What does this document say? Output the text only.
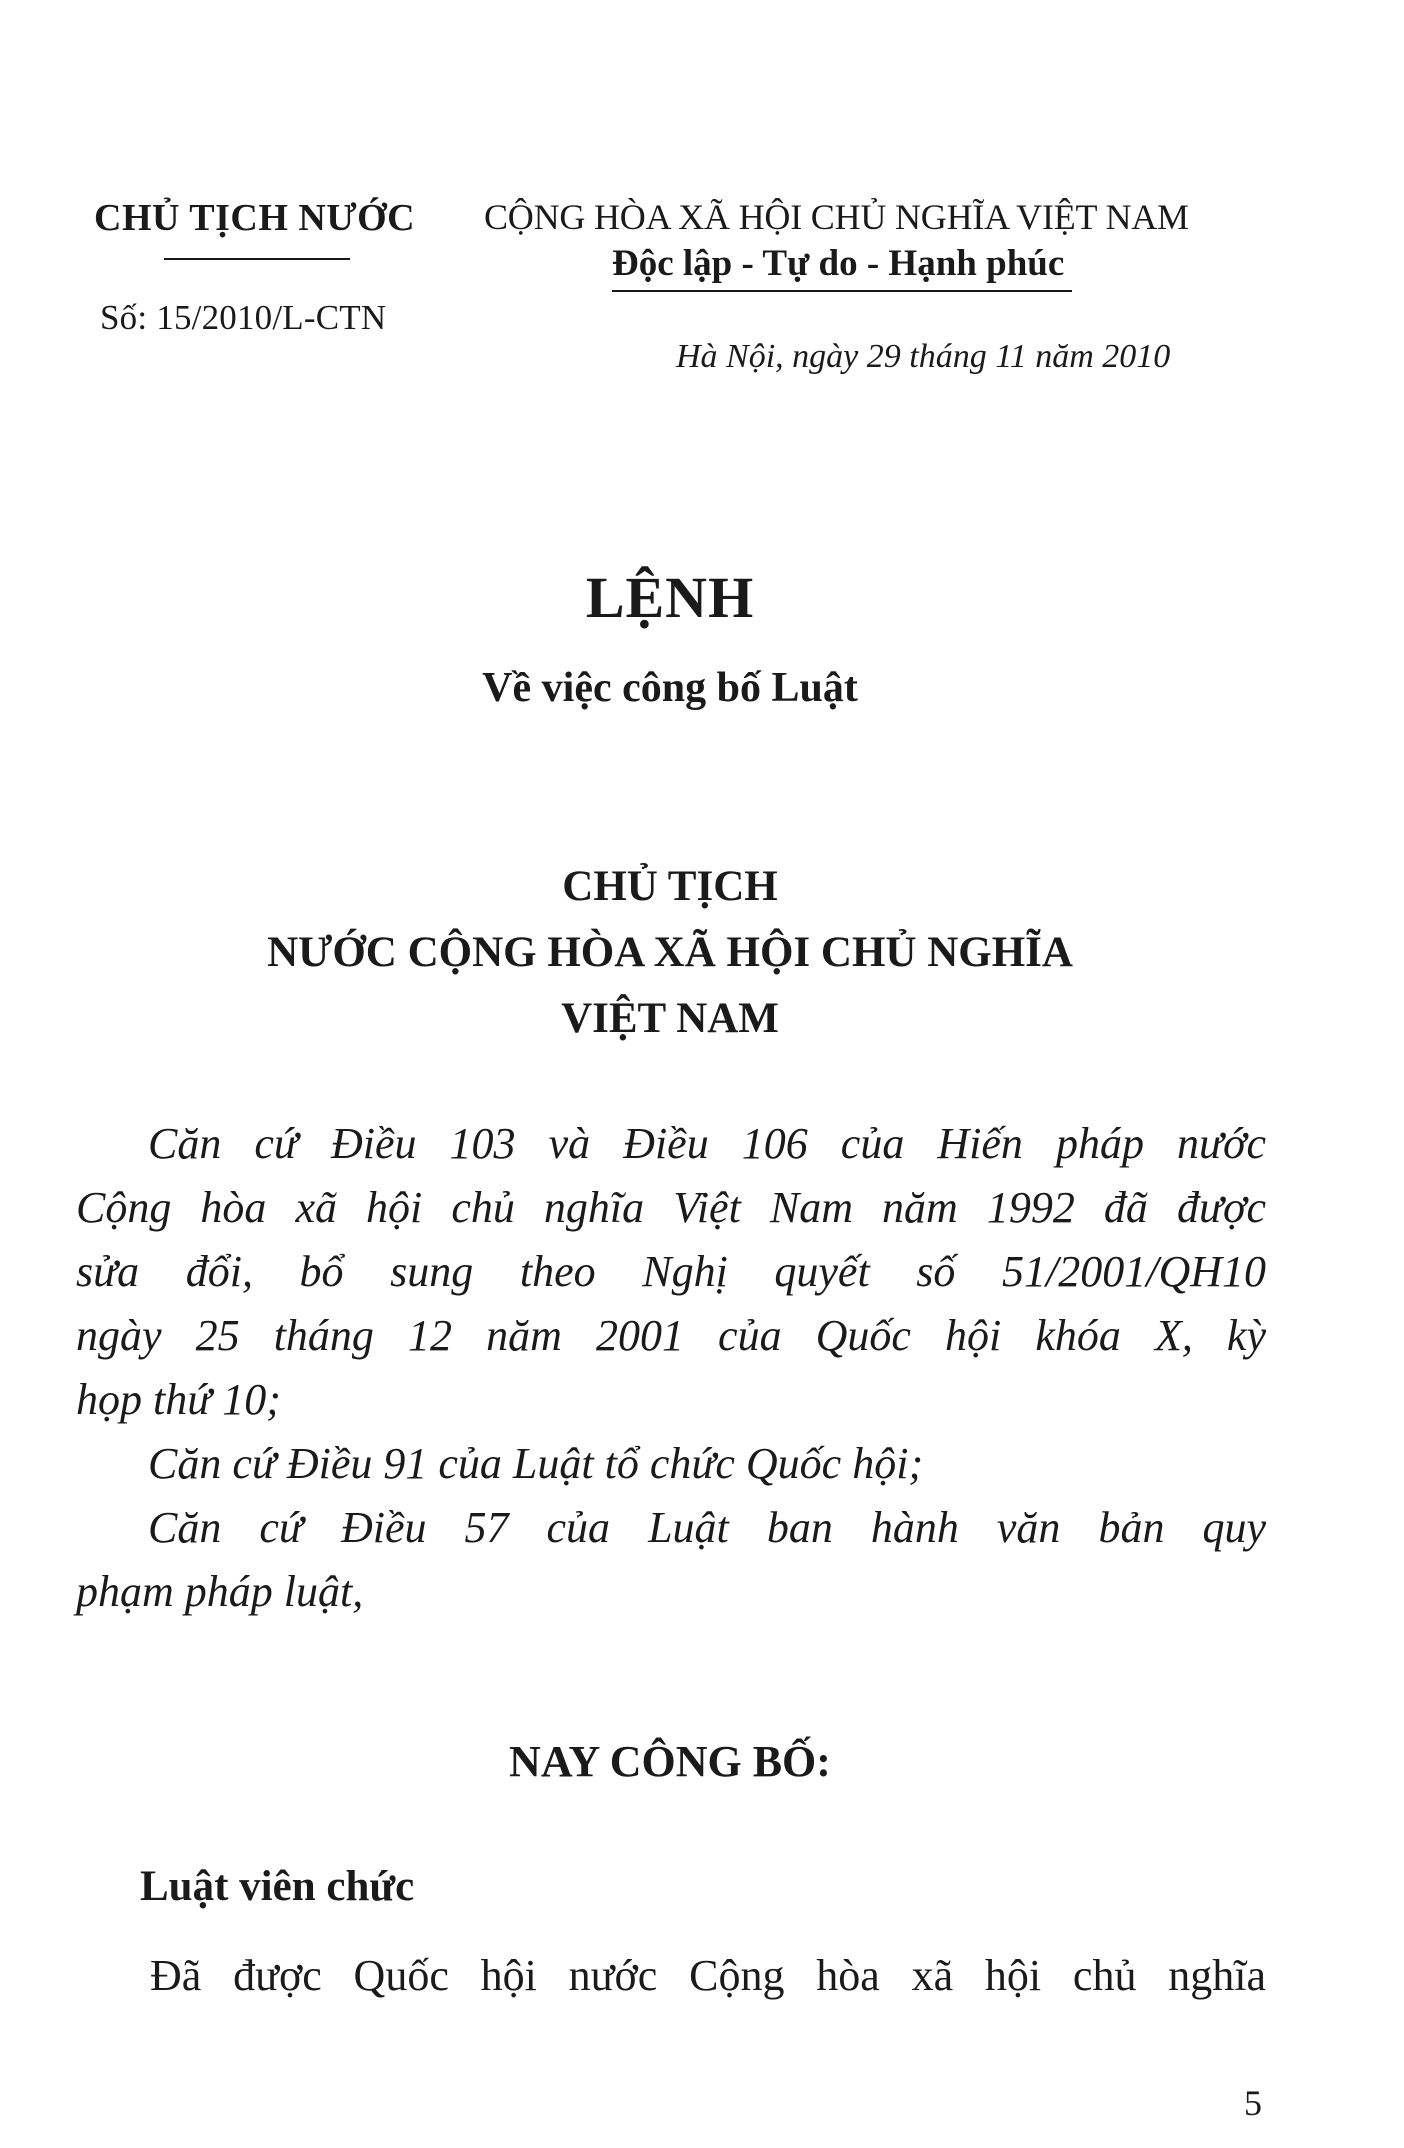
CHỦ TỊCH NƯỚC
Số: 15/2010/L-CTN
CỘNG HÒA XÃ HỘI CHỦ NGHĨA VIỆT NAM
Độc lập - Tự do - Hạnh phúc
Hà Nội, ngày 29 tháng 11 năm 2010
LỆNH
Về việc công bố Luật
CHỦ TỊCH
NƯỚC CỘNG HÒA XÃ HỘI CHỦ NGHĨA
VIỆT NAM
Căn cứ Điều 103 và Điều 106 của Hiến pháp nước
Cộng hòa xã hội chủ nghĩa Việt Nam năm 1992 đã được
sửa đổi, bổ sung theo Nghị quyết số 51/2001/QH10
ngày 25 tháng 12 năm 2001 của Quốc hội khóa X, kỳ
họp thứ 10;
Căn cứ Điều 91 của Luật tổ chức Quốc hội;
Căn cứ Điều 57 của Luật ban hành văn bản quy
phạm pháp luật,
NAY CÔNG BỐ:
Luật viên chức
Đã được Quốc hội nước Cộng hòa xã hội chủ nghĩa
5
